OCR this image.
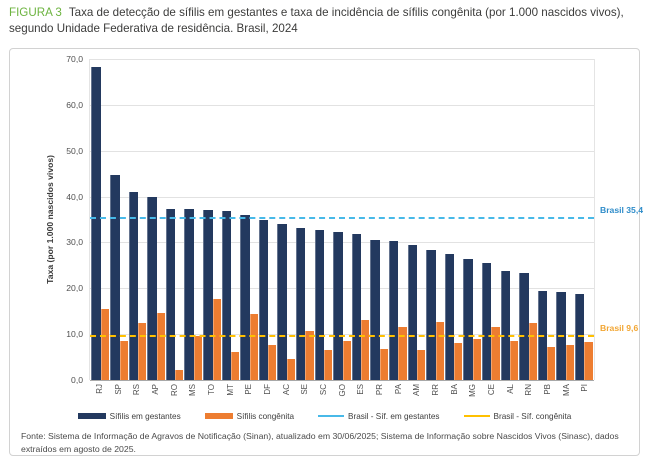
FIGURA 3 Taxa de detecção de sífilis em gestantes e taxa de incidência de sífilis congênita (por 1.000 nascidos vivos), segundo Unidade Federativa de residência. Brasil, 2024
Taxa (por 1.000 nascidos vivos)
0,0
10,0
20,0
30,0
40,0
50,0
60,0
70,0
Brasil 35,4
Brasil 9,6
RJ SP RS AP RO MS TO MT PE DF AC SE SC GO ES PR PA AM RR BA MG CE AL RN PB MA PI
Sífilis em gestantes	Sífilis congênita	Brasil - Síf. em gestantes	Brasil - Síf. congênita
Fonte: Sistema de Informação de Agravos de Notificação (Sinan), atualizado em 30/06/2025; Sistema de Informação sobre Nascidos Vivos (Sinasc), dados extraídos em agosto de 2025.
